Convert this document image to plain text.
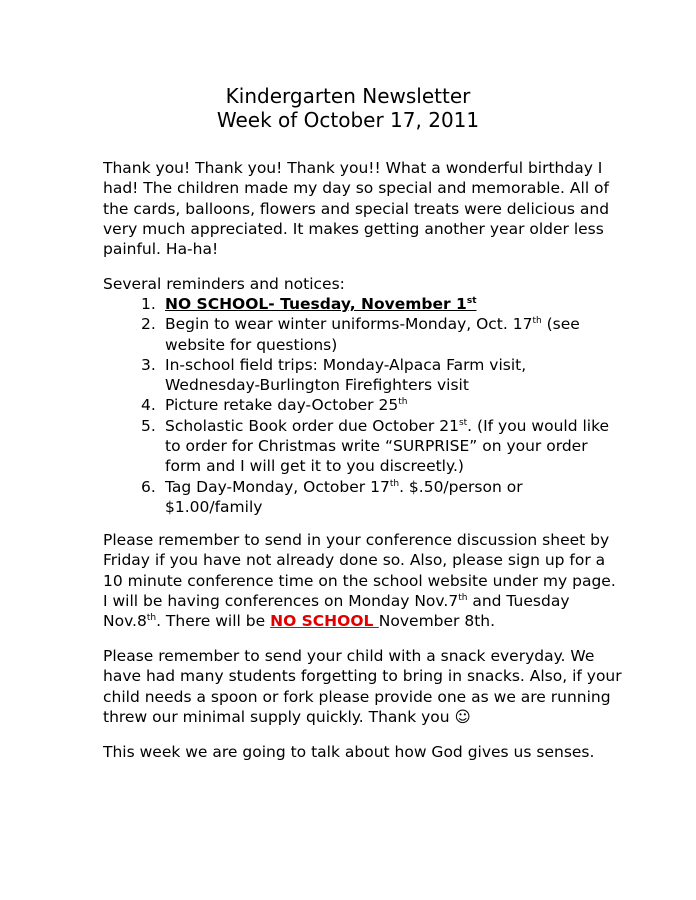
Kindergarten Newsletter
Week of October 17, 2011

Thank you! Thank you! Thank you!! What a wonderful birthday I had! The children made my day so special and memorable. All of the cards, balloons, flowers and special treats were delicious and very much appreciated. It makes getting another year older less painful. Ha-ha!

Several reminders and notices:

1. NO SCHOOL- Tuesday, November 1st
2. Begin to wear winter uniforms-Monday, Oct. 17th (see website for questions)
3. In-school field trips: Monday-Alpaca Farm visit, Wednesday-Burlington Firefighters visit
4. Picture retake day-October 25th
5. Scholastic Book order due October 21st. (If you would like to order for Christmas write “SURPRISE” on your order form and I will get it to you discreetly.)
6. Tag Day-Monday, October 17th. $.50/person or $1.00/family

Please remember to send in your conference discussion sheet by Friday if you have not already done so. Also, please sign up for a 10 minute conference time on the school website under my page. I will be having conferences on Monday Nov.7th and Tuesday Nov.8th. There will be NO SCHOOL November 8th.

Please remember to send your child with a snack everyday. We have had many students forgetting to bring in snacks. Also, if your child needs a spoon or fork please provide one as we are running threw our minimal supply quickly. Thank you ☺

This week we are going to talk about how God gives us senses.
